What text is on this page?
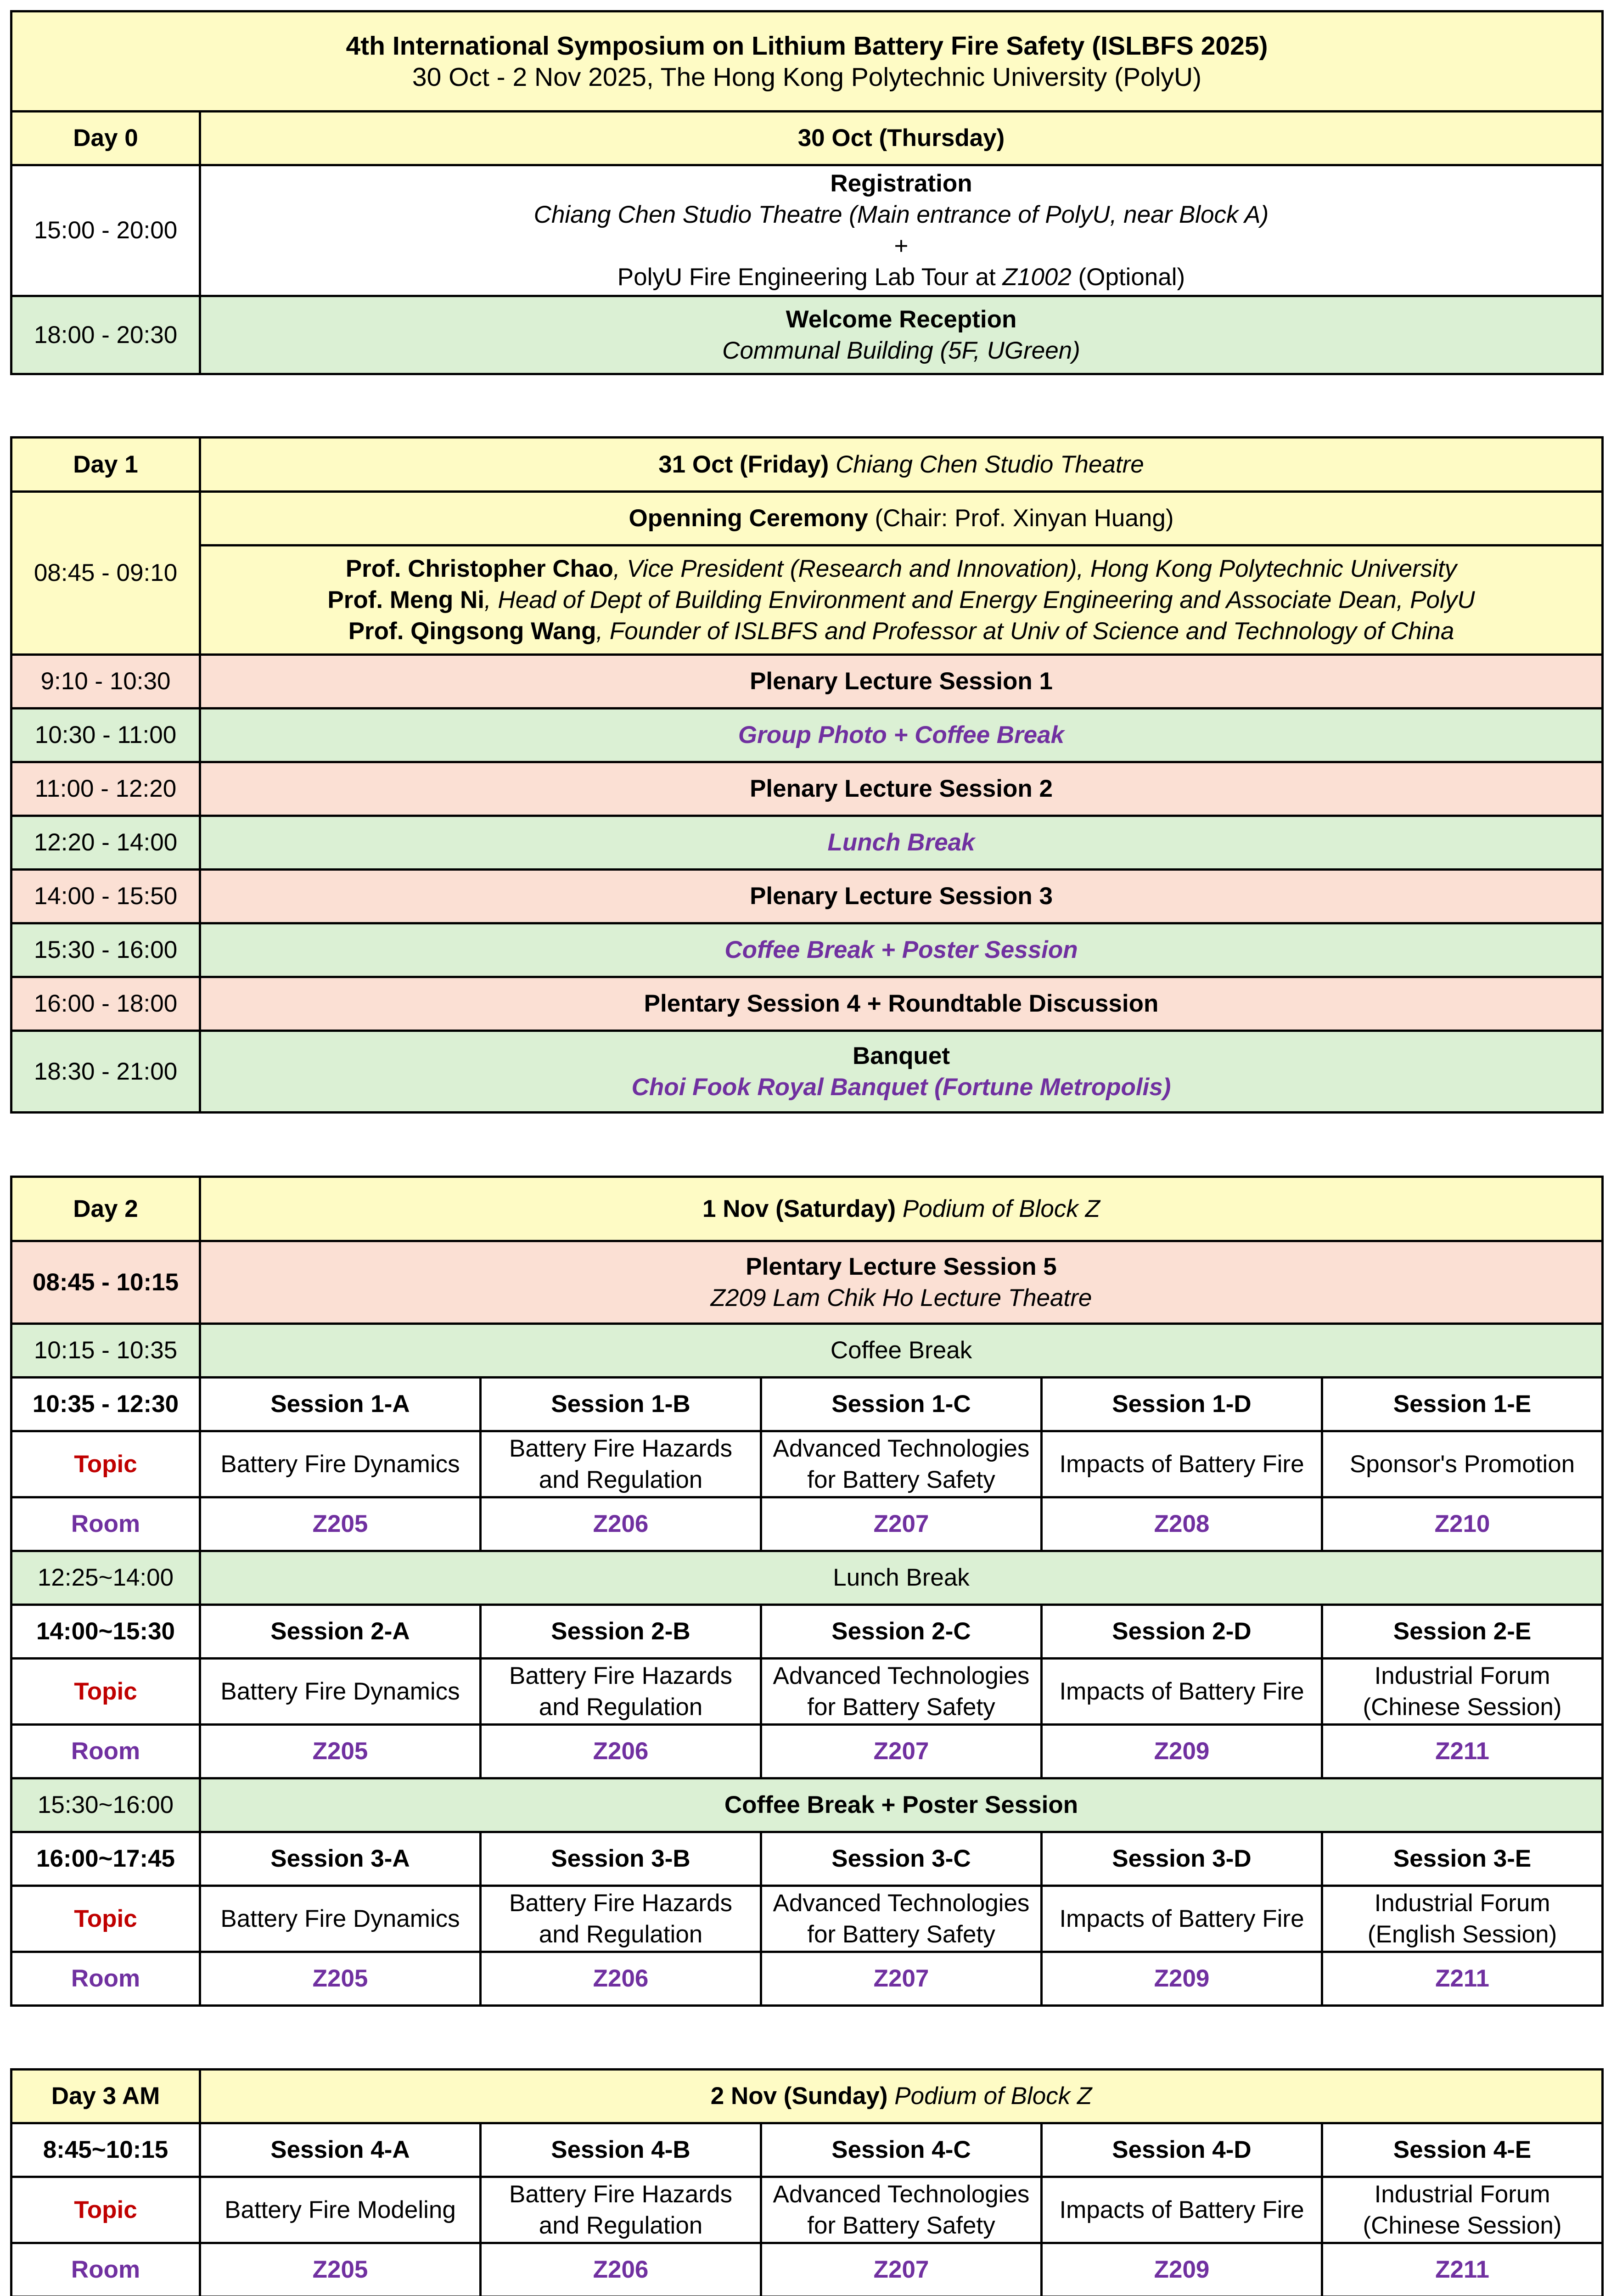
4th International Symposium on Lithium Battery Fire Safety (ISLBFS 2025)
30 Oct - 2 Nov 2025, The Hong Kong Polytechnic University (PolyU)	

Day 0	30 Oct (Thursday)
15:00 - 20:00	Registration
Chiang Chen Studio Theatre (Main entrance of PolyU, near Block A)
+
PolyU Fire Engineering Lab Tour at Z1002 (Optional)

18:00 - 20:30	Welcome Reception
Communal Building (5F, UGreen)
Day 1	31 Oct (Friday) Chiang Chen Studio Theatre
08:45 - 09:10	Openning Ceremony (Chair: Prof. Xinyan Huang)

	Prof. Christopher Chao, Vice President (Research and Innovation), Hong Kong Polytechnic University
Prof. Meng Ni, Head of Dept of Building Environment and Energy Engineering and Associate Dean, PolyU
Prof. Qingsong Wang, Founder of ISLBFS and Professor at Univ of Science and Technology of China

9:10 - 10:30	Plenary Lecture Session 1
10:30 - 11:00	Group Photo + Coffee Break
11:00 - 12:20	Plenary Lecture Session 2
12:20 - 14:00	Lunch Break
14:00 - 15:50	Plenary Lecture Session 3
15:30 - 16:00	Coffee Break + Poster Session
16:00 - 18:00	Plentary Session 4 + Roundtable Discussion
18:30 - 21:00	Banquet
Choi Fook Royal Banquet (Fortune Metropolis)
Day 2	1 Nov (Saturday) Podium of Block Z				
08:45 - 10:15	Plentary Lecture Session 5
Z209 Lam Chik Ho Lecture Theatre				

10:15 - 10:35	Coffee Break				
10:35 - 12:30	Session 1-A	Session 1-B	Session 1-C	Session 1-D	Session 1-E
Topic	Battery Fire Dynamics	Battery Fire Hazards
and Regulation	Advanced Technologies
for Battery Safety	Impacts of Battery Fire	Sponsor's Promotion

Room	Z205	Z206	Z207	Z208	Z210
12:25~14:00	Lunch Break				
14:00~15:30	Session 2-A	Session 2-B	Session 2-C	Session 2-D	Session 2-E
Topic	Battery Fire Dynamics	Battery Fire Hazards
and Regulation	Advanced Technologies
for Battery Safety	Impacts of Battery Fire	Industrial Forum
(Chinese Session)

Room	Z205	Z206	Z207	Z209	Z211
15:30~16:00	Coffee Break + Poster Session				
16:00~17:45	Session 3-A	Session 3-B	Session 3-C	Session 3-D	Session 3-E
Topic	Battery Fire Dynamics	Battery Fire Hazards
and Regulation	Advanced Technologies
for Battery Safety	Impacts of Battery Fire	Industrial Forum
(English Session)

Room	Z205	Z206	Z207	Z209	Z211
Day 3 AM	2 Nov (Sunday) Podium of Block Z				
8:45~10:15	Session 4-A	Session 4-B	Session 4-C	Session 4-D	Session 4-E
Topic	Battery Fire Modeling	Battery Fire Hazards
and Regulation	Advanced Technologies
for Battery Safety	Impacts of Battery Fire	Industrial Forum
(Chinese Session)

Room	Z205	Z206	Z207	Z209	Z211
